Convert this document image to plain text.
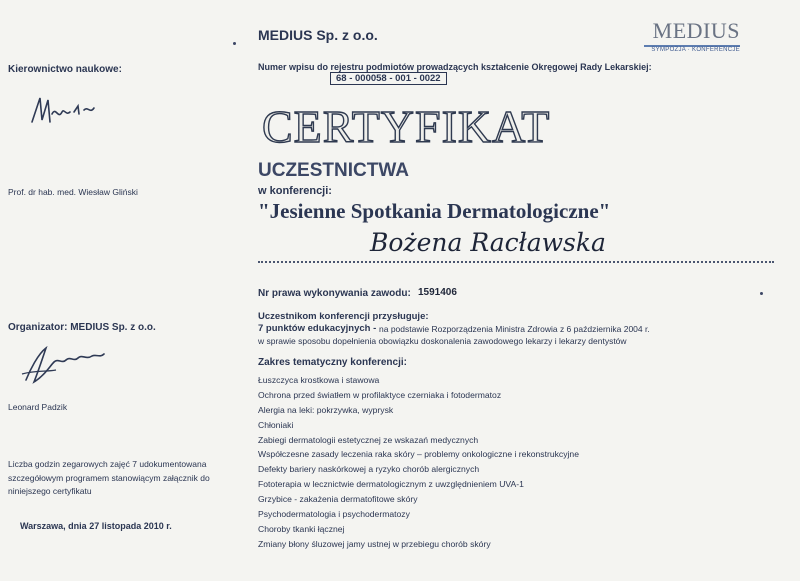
MEDIUS Sp. z o.o.
Numer wpisu do rejestru podmiotów prowadzących kształcenie Okręgowej Rady Lekarskiej:
68 - 000058 - 001 - 0022
MEDIUS
SYMPOZJA · KONFERENCJE
CERTYFIKAT
UCZESTNICTWA
w konferencji:
"Jesienne Spotkania Dermatologiczne"
Bożena Racławska
Nr prawa wykonywania zawodu: 1591406
Uczestnikom konferencji przysługuje:
7 punktów edukacyjnych - na podstawie Rozporządzenia Ministra Zdrowia z 6 października 2004 r.
w sprawie sposobu dopełnienia obowiązku doskonalenia zawodowego lekarzy i lekarzy dentystów
Zakres tematyczny konferencji:
Łuszczyca krostkowa i stawowa
Ochrona przed światłem w profilaktyce czerniaka i fotodermatoz
Alergia na leki: pokrzywka, wyprysk
Chłoniaki
Zabiegi dermatologii estetycznej ze wskazań medycznych
Współczesne zasady leczenia raka skóry – problemy onkologiczne i rekonstrukcyjne
Defekty bariery naskórkowej a ryzyko chorób alergicznych
Fototerapia w lecznictwie dermatologicznym z uwzględnieniem UVA-1
Grzybice - zakażenia dermatofitowe skóry
Psychodermatologia i psychodermatozy
Choroby tkanki łącznej
Zmiany błony śluzowej jamy ustnej w przebiegu chorób skóry
Kierownictwo naukowe:
Prof. dr hab. med. Wiesław Gliński
Organizator: MEDIUS Sp. z o.o.
Leonard Padzik
Liczba godzin zegarowych zajęć 7 udokumentowana szczegółowym programem stanowiącym załącznik do niniejszego certyfikatu
Warszawa, dnia 27 listopada 2010 r.
